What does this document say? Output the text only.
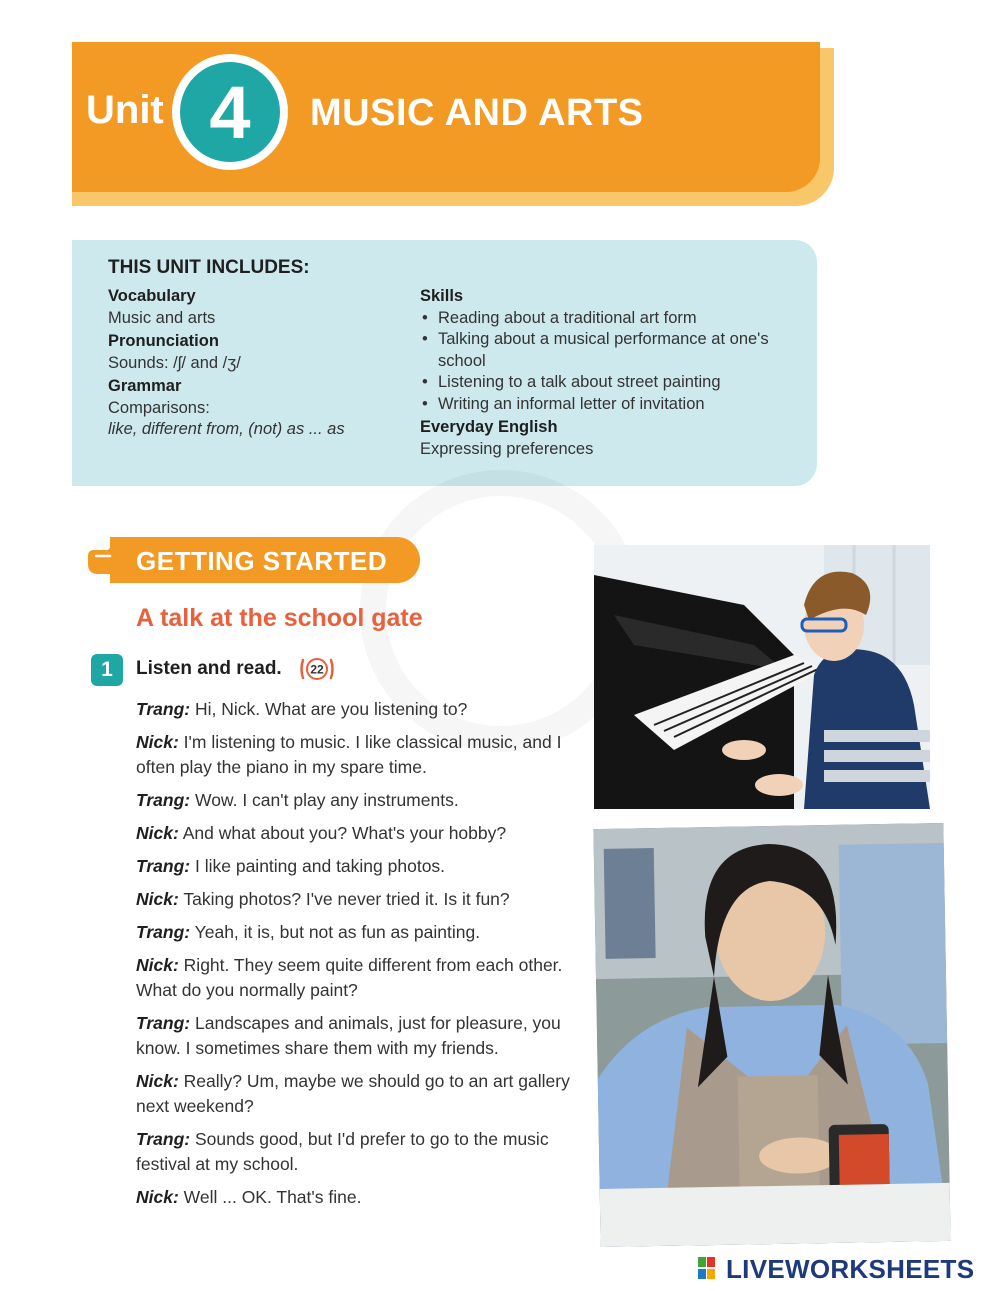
Unit 4	MUSIC AND ARTS
THIS UNIT INCLUDES:
Vocabulary
Music and arts
Pronunciation
Sounds: /ʃ/ and /ʒ/
Grammar
Comparisons:
like, different from, (not) as ... as
Skills
• Reading about a traditional art form
• Talking about a musical performance at one's school
• Listening to a talk about street painting
• Writing an informal letter of invitation
Everyday English
Expressing preferences
GETTING STARTED
A talk at the school gate
1	Listen and read. 22
Trang: Hi, Nick. What are you listening to?
Nick: I'm listening to music. I like classical music, and I often play the piano in my spare time.
Trang: Wow. I can't play any instruments.
Nick: And what about you? What's your hobby?
Trang: I like painting and taking photos.
Nick: Taking photos? I've never tried it. Is it fun?
Trang: Yeah, it is, but not as fun as painting.
Nick: Right. They seem quite different from each other. What do you normally paint?
Trang: Landscapes and animals, just for pleasure, you know. I sometimes share them with my friends.
Nick: Really? Um, maybe we should go to an art gallery next weekend?
Trang: Sounds good, but I'd prefer to go to the music festival at my school.
Nick: Well ... OK. That's fine.
LIVEWORKSHEETS
